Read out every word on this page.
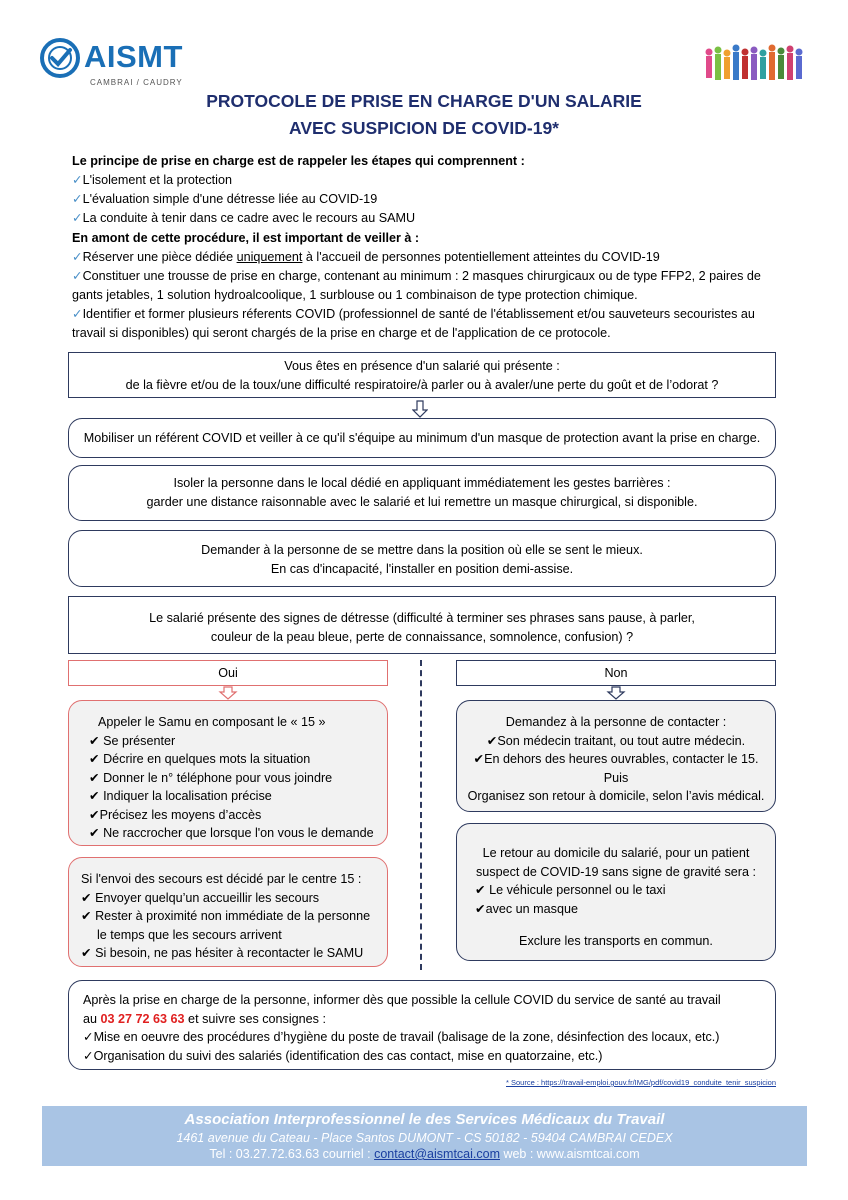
AISMT
CAMBRAI / CAUDRY
PROTOCOLE DE PRISE EN CHARGE D'UN SALARIE
AVEC SUSPICION DE COVID-19*
Le principe de prise en charge est de rappeler les étapes qui comprennent :
✓L'isolement et la protection
✓L'évaluation simple d'une détresse liée au COVID-19
✓La conduite à tenir dans ce cadre avec le recours au SAMU
En amont de cette procédure, il est important de veiller à :
✓Réserver une pièce dédiée uniquement à l'accueil de personnes potentiellement atteintes du COVID-19
✓Constituer une trousse de prise en charge, contenant au minimum : 2 masques chirurgicaux ou de type FFP2, 2 paires de gants jetables, 1 solution hydroalcoolique, 1 surblouse ou 1 combinaison de type protection chimique.
✓Identifier et former plusieurs réferents COVID (professionnel de santé de l'établissement et/ou sauveteurs secouristes au travail si disponibles) qui seront chargés de la prise en charge et de l'application de ce protocole.
Vous êtes en présence d'un salarié qui présente :
de la fièvre et/ou de la toux/une difficulté respiratoire/à parler ou à avaler/une perte du goût et de l’odorat ?
Mobiliser un référent COVID et veiller à ce qu'il s'équipe au minimum d'un masque de protection avant la prise en charge.
Isoler la personne dans le local dédié en appliquant immédiatement les gestes barrières :
garder une distance raisonnable avec le salarié et lui remettre un masque chirurgical, si disponible.
Demander à la personne de se mettre dans la position où elle se sent le mieux.
En cas d'incapacité, l'installer en position demi-assise.
Le salarié présente des signes de détresse (difficulté à terminer ses phrases sans pause, à parler,
couleur de la peau bleue, perte de connaissance, somnolence, confusion) ?
Oui	Non
Appeler le Samu en composant le « 15 »
✔ Se présenter
✔ Décrire en quelques mots la situation
✔ Donner le n° téléphone pour vous joindre
✔ Indiquer la localisation précise
✔Précisez les moyens d’accès
✔ Ne raccrocher que lorsque l'on vous le demande
Si l'envoi des secours est décidé par le centre 15 :
✔ Envoyer quelqu’un accueillir les secours
✔ Rester à proximité non immédiate de la personne
le temps que les secours arrivent
✔ Si besoin, ne pas hésiter à recontacter le SAMU
Demandez à la personne de contacter :
✔Son médecin traitant, ou tout autre médecin.
✔En dehors des heures ouvrables, contacter le 15.
Puis
Organisez son retour à domicile, selon l’avis médical.
Le retour au domicile du salarié, pour un patient
suspect de COVID-19 sans signe de gravité sera :
✔ Le véhicule personnel ou le taxi
✔avec un masque
Exclure les transports en commun.
Après la prise en charge de la personne, informer dès que possible la cellule COVID du service de santé au travail
au 03 27 72 63 63 et suivre ses consignes :
✓Mise en oeuvre des procédures d’hygiène du poste de travail (balisage de la zone, désinfection des locaux, etc.)
✓Organisation du suivi des salariés (identification des cas contact, mise en quatorzaine, etc.)
* Source : https://travail-emploi.gouv.fr/IMG/pdf/covid19_conduite_tenir_suspicion
Association Interprofessionnel le des Services Médicaux du Travail
1461 avenue du Cateau - Place Santos DUMONT - CS 50182 - 59404 CAMBRAI CEDEX
Tel : 03.27.72.63.63 courriel : contact@aismtcai.com web : www.aismtcai.com
